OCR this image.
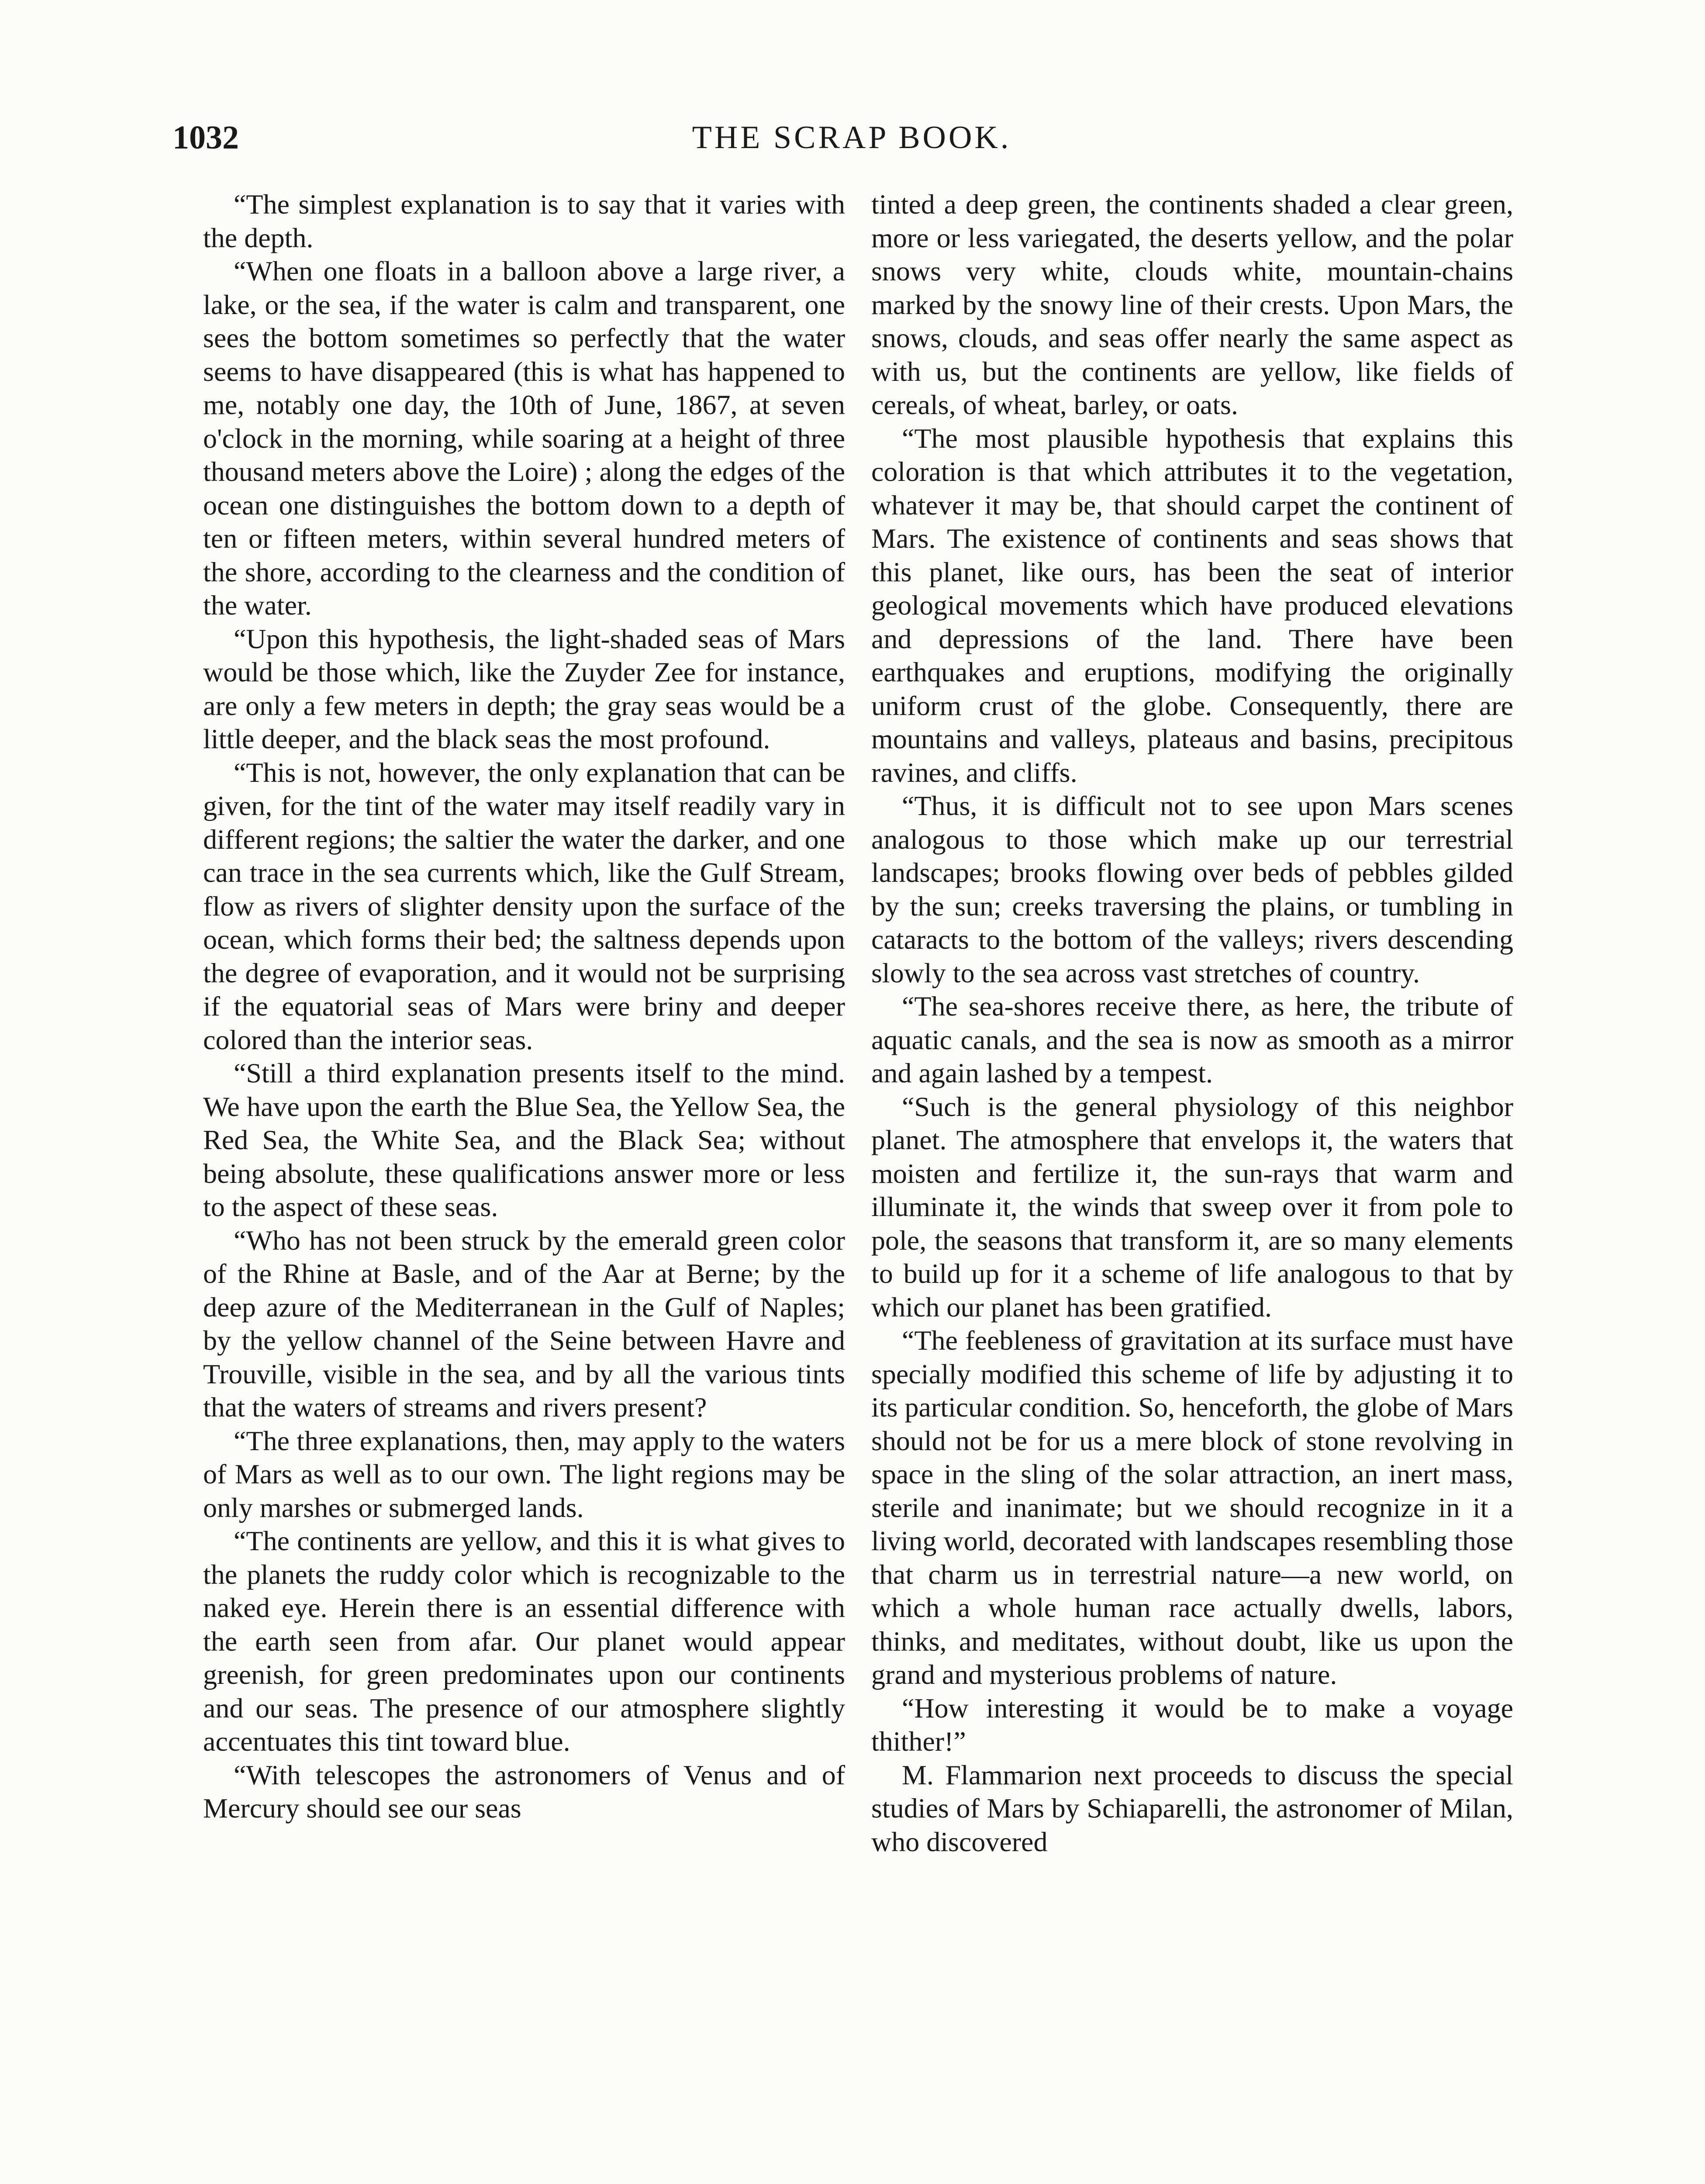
1032	THE SCRAP BOOK.

“The simplest explanation is to say that it varies with the depth.

“When one floats in a balloon above a large river, a lake, or the sea, if the water is calm and transparent, one sees the bottom sometimes so perfectly that the water seems to have disappeared (this is what has happened to me, notably one day, the 10th of June, 1867, at seven o'clock in the morning, while soaring at a height of three thousand meters above the Loire) ; along the edges of the ocean one distinguishes the bottom down to a depth of ten or fifteen meters, within several hundred meters of the shore, according to the clearness and the condition of the water.

“Upon this hypothesis, the light-shaded seas of Mars would be those which, like the Zuyder Zee for instance, are only a few meters in depth; the gray seas would be a little deeper, and the black seas the most profound.

“This is not, however, the only explanation that can be given, for the tint of the water may itself readily vary in different regions; the saltier the water the darker, and one can trace in the sea currents which, like the Gulf Stream, flow as rivers of slighter density upon the surface of the ocean, which forms their bed; the saltness depends upon the degree of evaporation, and it would not be surprising if the equatorial seas of Mars were briny and deeper colored than the interior seas.

“Still a third explanation presents itself to the mind. We have upon the earth the Blue Sea, the Yellow Sea, the Red Sea, the White Sea, and the Black Sea; without being absolute, these qualifications answer more or less to the aspect of these seas.

“Who has not been struck by the emerald green color of the Rhine at Basle, and of the Aar at Berne; by the deep azure of the Mediterranean in the Gulf of Naples; by the yellow channel of the Seine between Havre and Trouville, visible in the sea, and by all the various tints that the waters of streams and rivers present?

“The three explanations, then, may apply to the waters of Mars as well as to our own. The light regions may be only marshes or submerged lands.

“The continents are yellow, and this it is what gives to the planets the ruddy color which is recognizable to the naked eye. Herein there is an essential difference with the earth seen from afar. Our planet would appear greenish, for green predominates upon our continents and our seas. The presence of our atmosphere slightly accentuates this tint toward blue.

“With telescopes the astronomers of Venus and of Mercury should see our seas

tinted a deep green, the continents shaded a clear green, more or less variegated, the deserts yellow, and the polar snows very white, clouds white, mountain-chains marked by the snowy line of their crests. Upon Mars, the snows, clouds, and seas offer nearly the same aspect as with us, but the continents are yellow, like fields of cereals, of wheat, barley, or oats.

“The most plausible hypothesis that explains this coloration is that which attributes it to the vegetation, whatever it may be, that should carpet the continent of Mars. The existence of continents and seas shows that this planet, like ours, has been the seat of interior geological movements which have produced elevations and depressions of the land. There have been earthquakes and eruptions, modifying the originally uniform crust of the globe. Consequently, there are mountains and valleys, plateaus and basins, precipitous ravines, and cliffs.

“Thus, it is difficult not to see upon Mars scenes analogous to those which make up our terrestrial landscapes; brooks flowing over beds of pebbles gilded by the sun; creeks traversing the plains, or tumbling in cataracts to the bottom of the valleys; rivers descending slowly to the sea across vast stretches of country.

“The sea-shores receive there, as here, the tribute of aquatic canals, and the sea is now as smooth as a mirror and again lashed by a tempest.

“Such is the general physiology of this neighbor planet. The atmosphere that envelops it, the waters that moisten and fertilize it, the sun-rays that warm and illuminate it, the winds that sweep over it from pole to pole, the seasons that transform it, are so many elements to build up for it a scheme of life analogous to that by which our planet has been gratified.

“The feebleness of gravitation at its surface must have specially modified this scheme of life by adjusting it to its particular condition. So, henceforth, the globe of Mars should not be for us a mere block of stone revolving in space in the sling of the solar attraction, an inert mass, sterile and inanimate; but we should recognize in it a living world, decorated with landscapes resembling those that charm us in terrestrial nature—a new world, on which a whole human race actually dwells, labors, thinks, and meditates, without doubt, like us upon the grand and mysterious problems of nature.

“How interesting it would be to make a voyage thither!”

M. Flammarion next proceeds to discuss the special studies of Mars by Schiaparelli, the astronomer of Milan, who discovered
